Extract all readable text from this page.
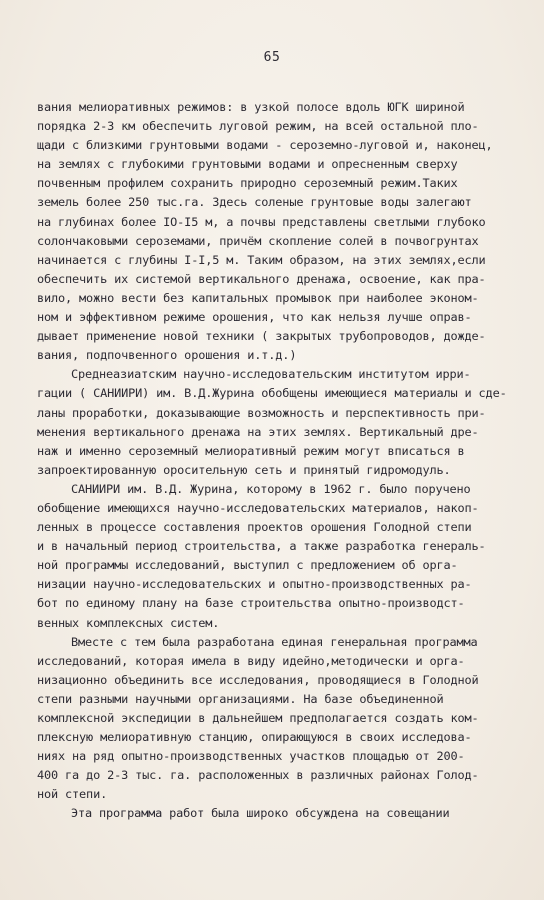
65
вания мелиоративных режимов: в узкой полосе вдоль ЮГК шириной
порядка 2-3 км обеспечить луговой режим, на всей остальной пло-
щади с близкими грунтовыми водами - сероземно-луговой и, наконец,
на землях с глубокими грунтовыми водами и опресненным сверху
почвенным профилем сохранить природно сероземный режим.Таких
земель более 250 тыс.га. Здесь соленые грунтовые воды залегают
на глубинах более IO-I5 м, а почвы представлены светлыми глубоко
солончаковыми сероземами, причём скопление солей в почвогрунтах
начинается с глубины I-I,5 м. Таким образом, на этих землях,если
обеспечить их системой вертикального дренажа, освоение, как пра-
вило, можно вести без капитальных промывок при наиболее эконом-
ном и эффективном режиме орошения, что как нельзя лучше оправ-
дывает применение новой техники ( закрытых трубопроводов, дожде-
вания, подпочвенного орошения и.т.д.)
Среднеазиатским научно-исследовательским институтом ирри-
гации ( САНИИРИ) им. В.Д.Журина обобщены имеющиеся материалы и сде-
ланы проработки, доказывающие возможность и перспективность при-
менения вертикального дренажа на этих землях. Вертикальный дре-
наж и именно сероземный мелиоративный режим могут вписаться в
запроектированную оросительную сеть и принятый гидромодуль.
САНИИРИ им. В.Д. Журина, которому в 1962 г. было поручено
обобщение имеющихся научно-исследовательских материалов, накоп-
ленных в процессе составления проектов орошения Голодной степи
и в начальный период строительства, а также разработка генераль-
ной программы исследований, выступил с предложением об орга-
низации научно-исследовательских и опытно-производственных ра-
бот по единому плану на базе строительства опытно-производст-
венных комплексных систем.
Вместе с тем была разработана единая генеральная программа
исследований, которая имела в виду идейно,методически и орга-
низационно объединить все исследования, проводящиеся в Голодной
степи разными научными организациями. На базе объединенной
комплексной экспедиции в дальнейшем предполагается создать ком-
плексную мелиоративную станцию, опирающуюся в своих исследова-
ниях на ряд опытно-производственных участков площадью от 200-
400 га до 2-3 тыс. га. расположенных в различных районах Голод-
ной степи.
Эта программа работ была широко обсуждена на совещании
